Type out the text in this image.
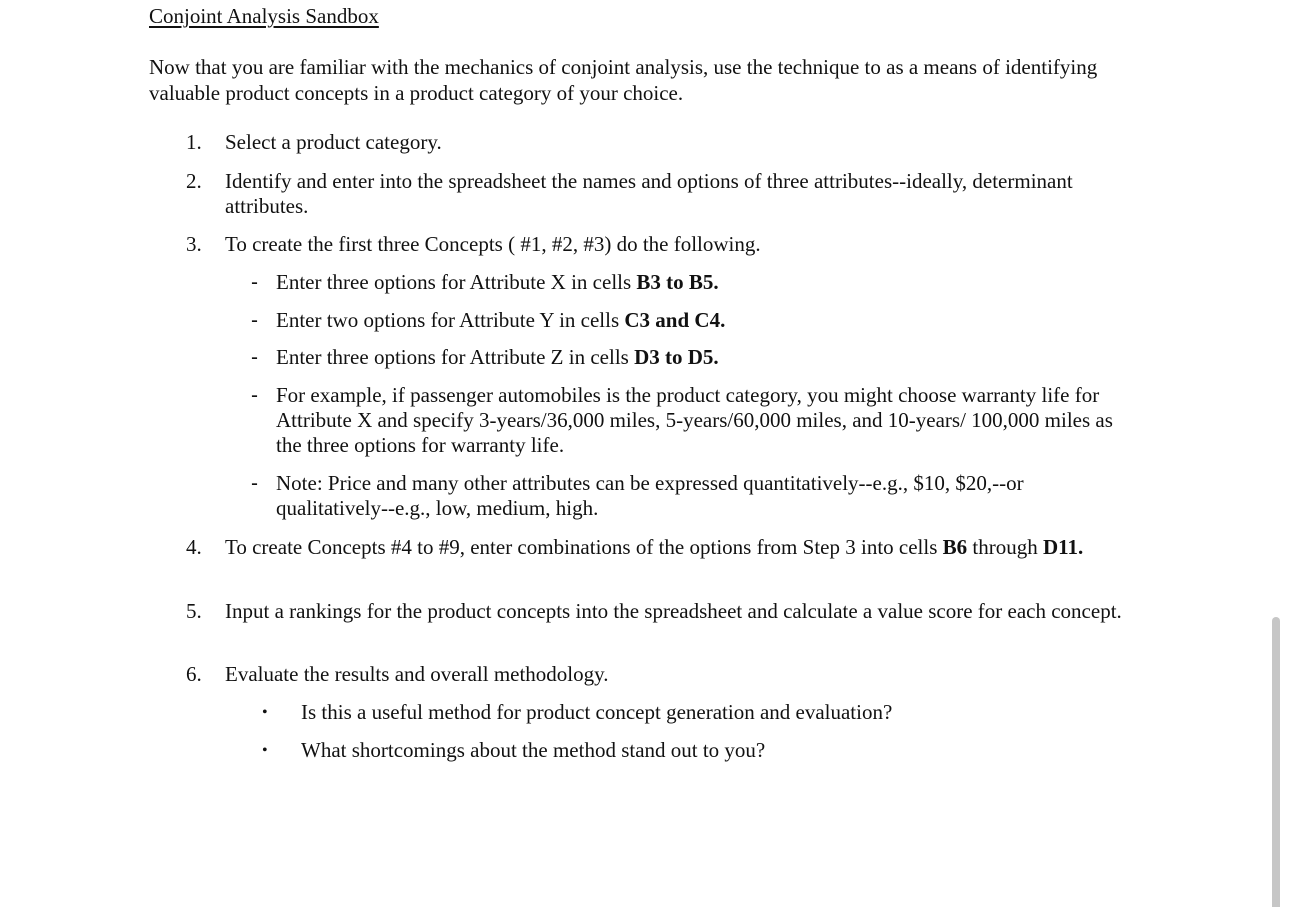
Conjoint Analysis Sandbox
Now that you are familiar with the mechanics of conjoint analysis, use the technique to as a means of identifying valuable product concepts in a product category of your choice.
1.	Select a product category.
2.	Identify and enter into the spreadsheet the names and options of three attributes--ideally, determinant attributes.
3.	To create the first three Concepts ( #1, #2, #3) do the following.
- Enter three options for Attribute X in cells B3 to B5.
- Enter two options for Attribute Y in cells C3 and C4.
- Enter three options for Attribute Z in cells D3 to D5.
- For example, if passenger automobiles is the product category, you might choose warranty life for Attribute X and specify 3-years/36,000 miles, 5-years/60,000 miles, and 10-years/ 100,000 miles as the three options for warranty life.
- Note: Price and many other attributes can be expressed quantitatively--e.g., $10, $20,--or qualitatively--e.g., low, medium, high.
4.	To create Concepts #4 to #9, enter combinations of the options from Step 3 into cells B6 through D11.
5.	Input a rankings for the product concepts into the spreadsheet and calculate a value score for each concept.
6.	Evaluate the results and overall methodology.
•	Is this a useful method for product concept generation and evaluation?
•	What shortcomings about the method stand out to you?
